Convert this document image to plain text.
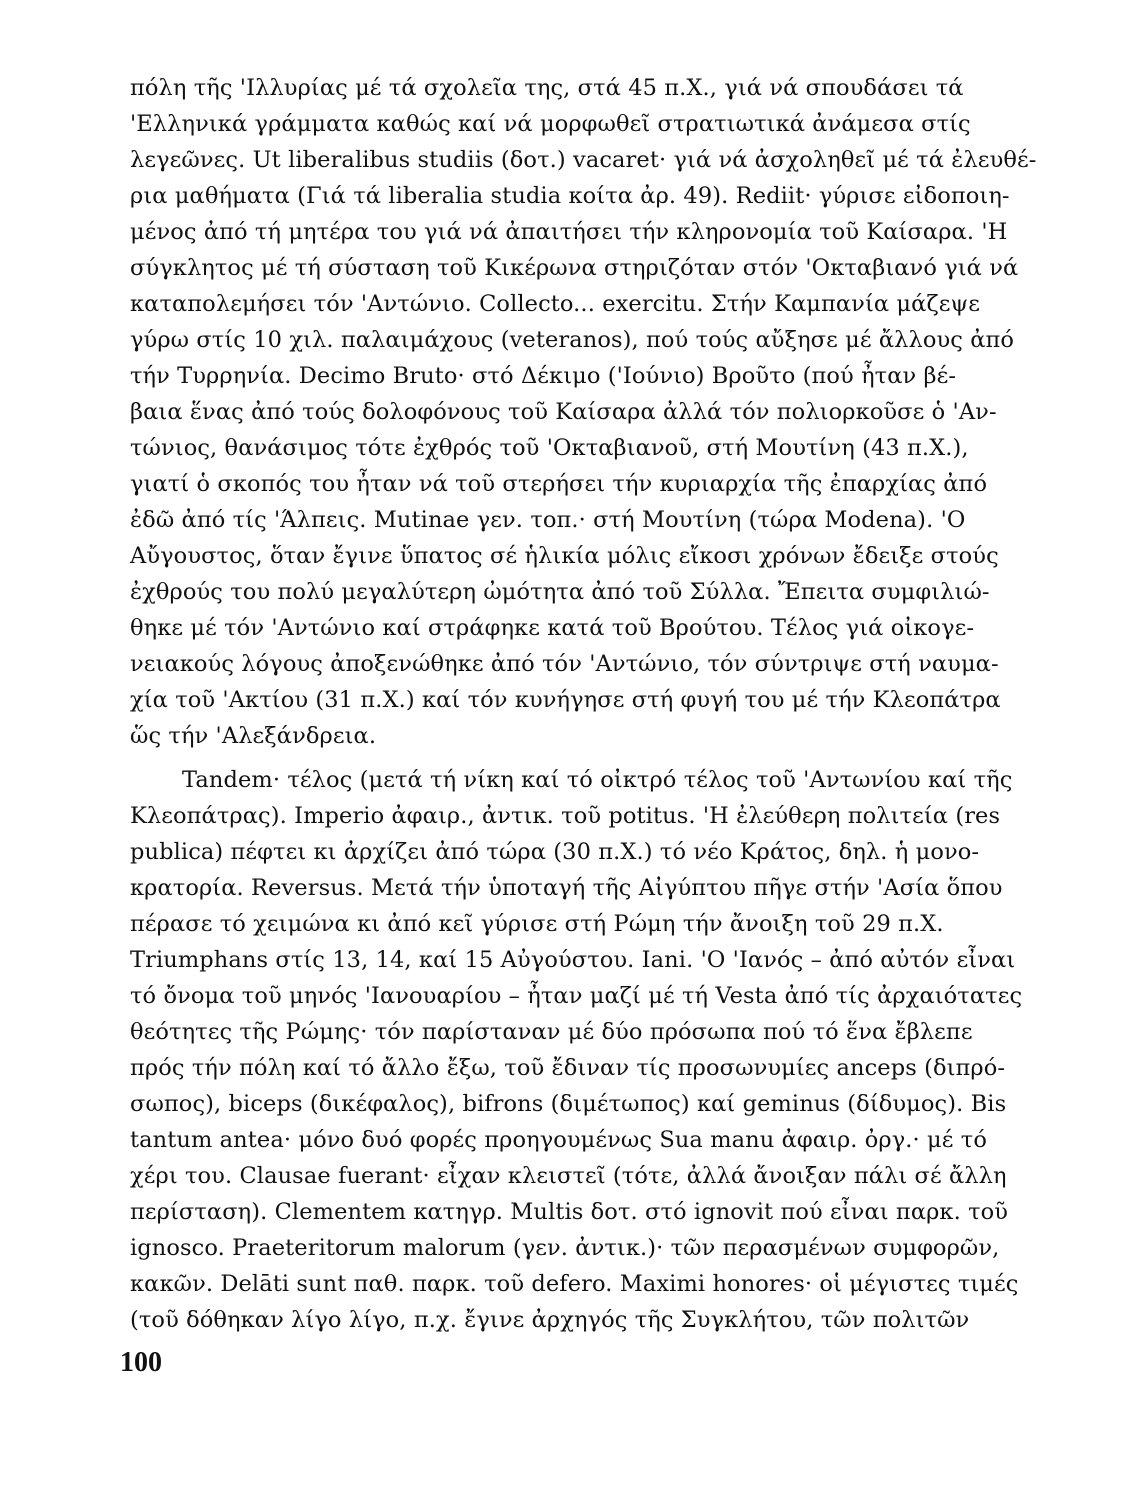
πόλη τῆς 'Ιλλυρίας μέ τά σχολεῖα της, στά 45 π.Χ., γιά νά σπουδάσει τά
'Ελληνικά γράμματα καθώς καί νά μορφωθεῖ στρατιωτικά ἀνάμεσα στίς
λεγεῶνες. Ut liberalibus studiis (δοτ.) vacaret· γιά νά ἀσχοληθεῖ μέ τά ἐλευθέ-
ρια μαθήματα (Γιά τά liberalia studia κοίτα ἀρ. 49). Rediit· γύρισε εἰδοποιη-
μένος ἀπό τή μητέρα του γιά νά ἀπαιτήσει τήν κληρονομία τοῦ Καίσαρα. 'Η
σύγκλητος μέ τή σύσταση τοῦ Κικέρωνα στηριζόταν στόν 'Οκταβιανό γιά νά
καταπολεμήσει τόν 'Αντώνιο. Collecto... exercitu. Στήν Καμπανία μάζεψε
γύρω στίς 10 χιλ. παλαιμάχους (veteranos), πού τούς αὔξησε μέ ἄλλους ἀπό
τήν Τυρρηνία. Decimo Bruto· στό Δέκιμο ('Ιούνιο) Βροῦτο (πού ἦταν βέ-
βαια ἕνας ἀπό τούς δολοφόνους τοῦ Καίσαρα ἀλλά τόν πολιορκοῦσε ὁ 'Αν-
τώνιος, θανάσιμος τότε ἐχθρός τοῦ 'Οκταβιανοῦ, στή Μουτίνη (43 π.Χ.),
γιατί ὁ σκοπός του ἦταν νά τοῦ στερήσει τήν κυριαρχία τῆς ἐπαρχίας ἀπό
ἐδῶ ἀπό τίς 'Άλπεις. Mutinae γεν. τοπ.· στή Μουτίνη (τώρα Modena). 'Ο
Αὔγουστος, ὅταν ἔγινε ὕπατος σέ ἡλικία μόλις εἴκοσι χρόνων ἔδειξε στούς
ἐχθρούς του πολύ μεγαλύτερη ὠμότητα ἀπό τοῦ Σύλλα. Ἔπειτα συμφιλιώ-
θηκε μέ τόν 'Αντώνιο καί στράφηκε κατά τοῦ Βρούτου. Τέλος γιά οἰκογε-
νειακούς λόγους ἀποξενώθηκε ἀπό τόν 'Αντώνιο, τόν σύντριψε στή ναυμα-
χία τοῦ 'Ακτίου (31 π.Χ.) καί τόν κυνήγησε στή φυγή του μέ τήν Κλεοπάτρα
ὥς τήν 'Αλεξάνδρεια.
Tandem· τέλος (μετά τή νίκη καί τό οἰκτρό τέλος τοῦ 'Αντωνίου καί τῆς
Κλεοπάτρας). Imperio ἀφαιρ., ἀντικ. τοῦ potitus. 'Η ἐλεύθερη πολιτεία (res
publica) πέφτει κι ἀρχίζει ἀπό τώρα (30 π.Χ.) τό νέο Κράτος, δηλ. ἡ μονο-
κρατορία. Reversus. Μετά τήν ὑποταγή τῆς Αἰγύπτου πῆγε στήν 'Ασία ὅπου
πέρασε τό χειμώνα κι ἀπό κεῖ γύρισε στή Ρώμη τήν ἄνοιξη τοῦ 29 π.Χ.
Triumphans στίς 13, 14, καί 15 Αὐγούστου. Iani. 'Ο 'Ιανός – ἀπό αὐτόν εἶναι
τό ὄνομα τοῦ μηνός 'Ιανουαρίου – ἦταν μαζί μέ τή Vesta ἀπό τίς ἀρχαιότατες
θεότητες τῆς Ρώμης· τόν παρίσταναν μέ δύο πρόσωπα πού τό ἕνα ἔβλεπε
πρός τήν πόλη καί τό ἄλλο ἔξω, τοῦ ἔδιναν τίς προσωνυμίες anceps (διπρό-
σωπος), biceps (δικέφαλος), bifrons (διμέτωπος) καί geminus (δίδυμος). Bis
tantum antea· μόνο δυό φορές προηγουμένως Sua manu ἀφαιρ. ὀργ.· μέ τό
χέρι του. Clausae fuerant· εἶχαν κλειστεῖ (τότε, ἀλλά ἄνοιξαν πάλι σέ ἄλλη
περίσταση). Clementem κατηγρ. Multis δοτ. στό ignovit πού εἶναι παρκ. τοῦ
ignosco. Praeteritorum malorum (γεν. ἀντικ.)· τῶν περασμένων συμφορῶν,
κακῶν. Delāti sunt παθ. παρκ. τοῦ defero. Maximi honores· οἱ μέγιστες τιμές
(τοῦ δόθηκαν λίγο λίγο, π.χ. ἔγινε ἀρχηγός τῆς Συγκλήτου, τῶν πολιτῶν
100
